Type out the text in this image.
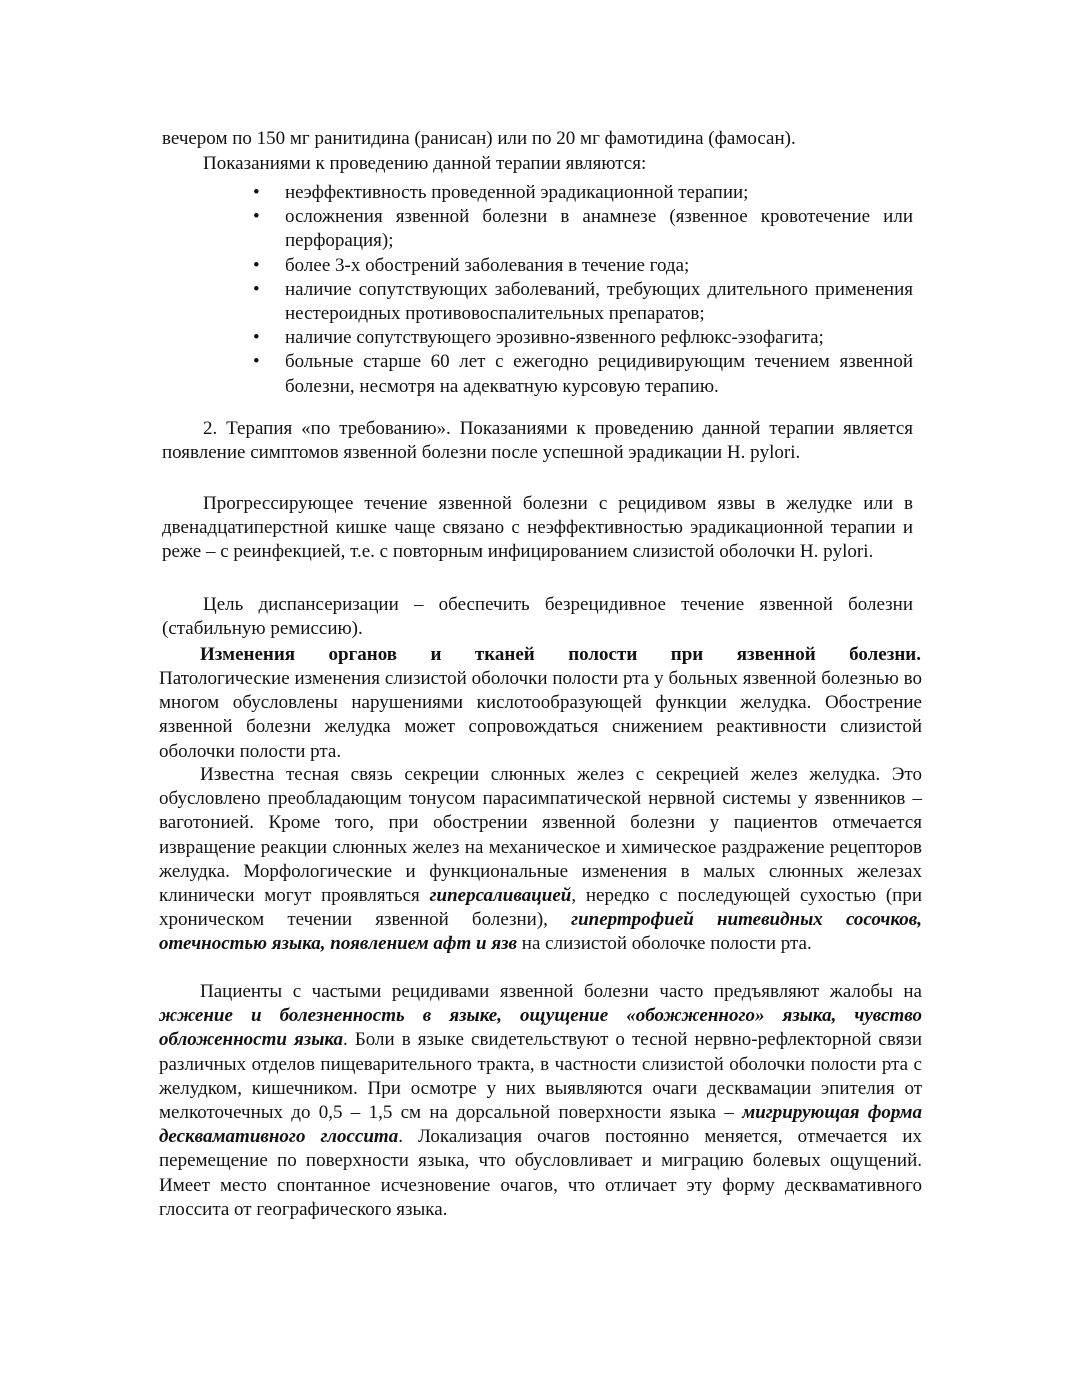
вечером по 150 мг ранитидина (ранисан) или по 20 мг фамотидина (фамосан).

Показаниями к проведению данной терапии являются:

• неэффективность проведенной эрадикационной терапии;
• осложнения язвенной болезни в анамнезе (язвенное кровотечение или перфорация);
• более 3-х обострений заболевания в течение года;
• наличие сопутствующих заболеваний, требующих длительного применения нестероидных противовоспалительных препаратов;
• наличие сопутствующего эрозивно-язвенного рефлюкс-эзофагита;
• больные старше 60 лет с ежегодно рецидивирующим течением язвенной болезни, несмотря на адекватную курсовую терапию.

2. Терапия «по требованию». Показаниями к проведению данной терапии является появление симптомов язвенной болезни после успешной эрадикации H. pylori.

Прогрессирующее течение язвенной болезни с рецидивом язвы в желудке или в двенадцатиперстной кишке чаще связано с неэффективностью эрадикационной терапии и реже – с реинфекцией, т.е. с повторным инфицированием слизистой оболочки H. pylori.

Цель диспансеризации – обеспечить безрецидивное течение язвенной болезни (стабильную ремиссию).

Изменения органов и тканей полости при язвенной болезни.

Патологические изменения слизистой оболочки полости рта у больных язвенной болезнью во многом обусловлены нарушениями кислотообразующей функции желудка. Обострение язвенной болезни желудка может сопровождаться снижением реактивности слизистой оболочки полости рта.

Известна тесная связь секреции слюнных желез с секрецией желез желудка. Это обусловлено преобладающим тонусом парасимпатической нервной системы у язвенников – ваготонией. Кроме того, при обострении язвенной болезни у пациентов отмечается извращение реакции слюнных желез на механическое и химическое раздражение рецепторов желудка. Морфологические и функциональные изменения в малых слюнных железах клинически могут проявляться гиперсаливацией, нередко с последующей сухостью (при хроническом течении язвенной болезни), гипертрофией нитевидных сосочков, отечностью языка, появлением афт и язв на слизистой оболочке полости рта.

Пациенты с частыми рецидивами язвенной болезни часто предъявляют жалобы на жжение и болезненность в языке, ощущение «обожженного» языка, чувство обложенности языка. Боли в языке свидетельствуют о тесной нервно-рефлекторной связи различных отделов пищеварительного тракта, в частности слизистой оболочки полости рта с желудком, кишечником. При осмотре у них выявляются очаги десквамации эпителия от мелкоточечных до 0,5 – 1,5 см на дорсальной поверхности языка – мигрирующая форма десквамативного глоссита. Локализация очагов постоянно меняется, отмечается их перемещение по поверхности языка, что обусловливает и миграцию болевых ощущений. Имеет место спонтанное исчезновение очагов, что отличает эту форму десквамативного глоссита от географического языка.
